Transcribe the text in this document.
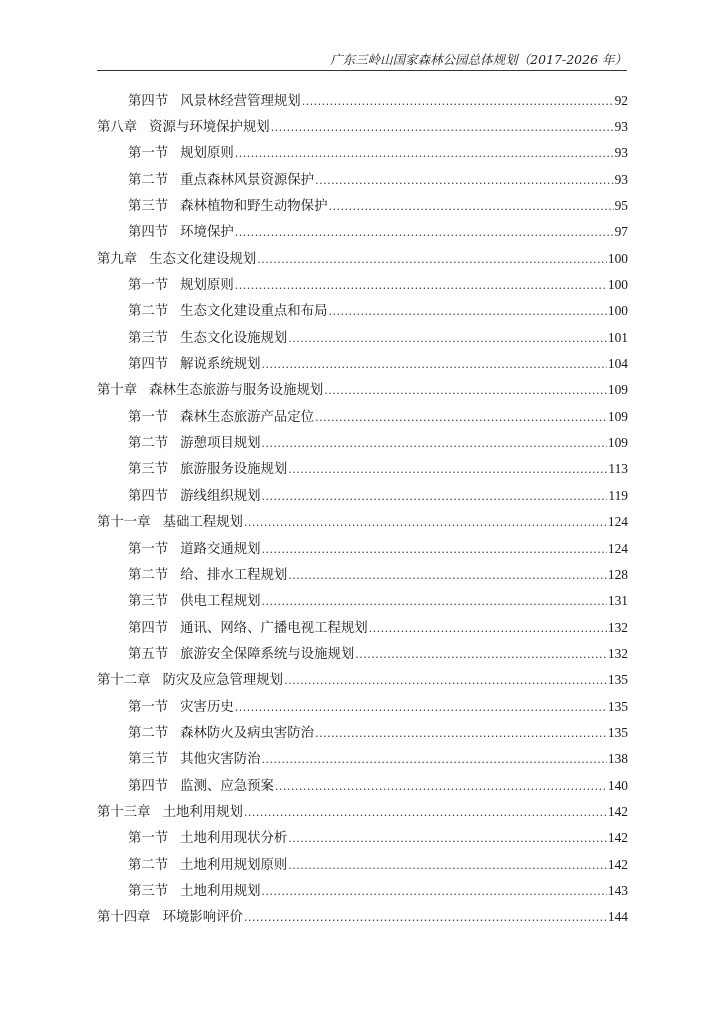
广东三岭山国家森林公园总体规划（2017-2026 年）
第四节 风景林经营管理规划 .....	92
第八章 资源与环境保护规划 .....	93
第一节 规划原则 .....	93
第二节 重点森林风景资源保护 .....	93
第三节 森林植物和野生动物保护 .....	95
第四节 环境保护 .....	97
第九章 生态文化建设规划 .....	100
第一节 规划原则 .....	100
第二节 生态文化建设重点和布局 .....	100
第三节 生态文化设施规划 .....	101
第四节 解说系统规划 .....	104
第十章 森林生态旅游与服务设施规划 .....	109
第一节 森林生态旅游产品定位 .....	109
第二节 游憩项目规划 .....	109
第三节 旅游服务设施规划 .....	113
第四节 游线组织规划 .....	119
第十一章 基础工程规划 .....	124
第一节 道路交通规划 .....	124
第二节 给、排水工程规划 .....	128
第三节 供电工程规划 .....	131
第四节 通讯、网络、广播电视工程规划 .....	132
第五节 旅游安全保障系统与设施规划 .....	132
第十二章 防灾及应急管理规划 .....	135
第一节 灾害历史 .....	135
第二节 森林防火及病虫害防治 .....	135
第三节 其他灾害防治 .....	138
第四节 监测、应急预案 .....	140
第十三章 土地利用规划 .....	142
第一节 土地利用现状分析 .....	142
第二节 土地利用规划原则 .....	142
第三节 土地利用规划 .....	143
第十四章 环境影响评价 .....	144
